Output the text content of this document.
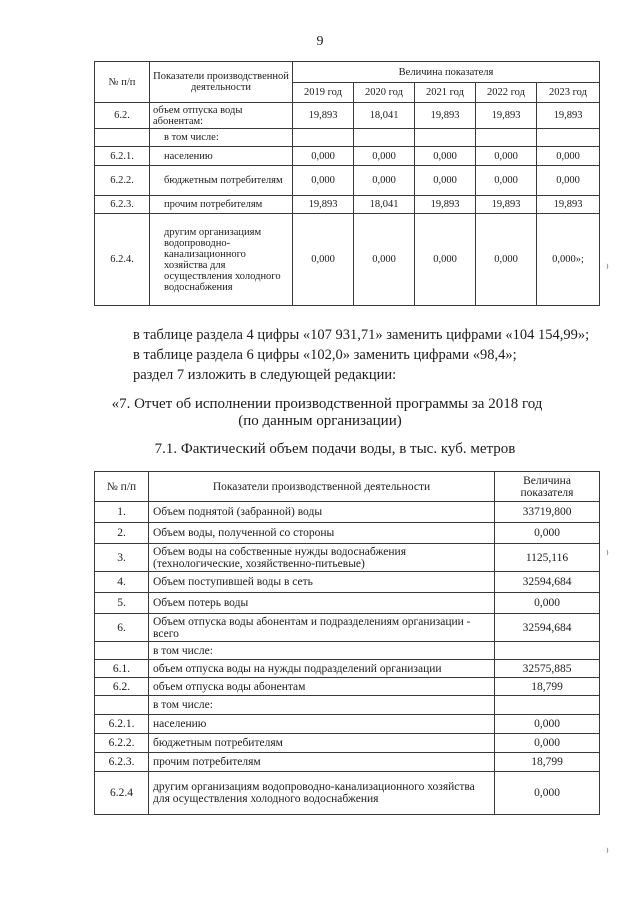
9
№ п/п	Показатели производственной деятельности	Величина показателя				
		2019 год	2020 год	2021 год	2022 год	2023 год
6.2.	объем отпуска воды абонентам:	19,893	18,041	19,893	19,893	19,893
	в том числе:					
6.2.1.	населению	0,000	0,000	0,000	0,000	0,000
6.2.2.	бюджетным потребителям	0,000	0,000	0,000	0,000	0,000
6.2.3.	прочим потребителям	19,893	18,041	19,893	19,893	19,893
6.2.4.	другим организациям водопроводно-канализационного хозяйства для осуществления холодного водоснабжения	0,000	0,000	0,000	0,000	0,000»;
в таблице раздела 4 цифры «107 931,71» заменить цифрами «104 154,99»;
в таблице раздела 6 цифры «102,0» заменить цифрами «98,4»;
раздел 7 изложить в следующей редакции:
«7. Отчет об исполнении производственной программы за 2018 год
(по данным организации)
7.1. Фактический объем подачи воды, в тыс. куб. метров
№ п/п	Показатели производственной деятельности	Величина показателя
1.	Объем поднятой (забранной) воды	33719,800
2.	Объем воды, полученной со стороны	0,000
3.	Объем воды на собственные нужды водоснабжения (технологические, хозяйственно-питьевые)	1125,116
4.	Объем поступившей воды в сеть	32594,684
5.	Объем потерь воды	0,000
6.	Объем отпуска воды абонентам и подразделениям организации - всего	32594,684
	в том числе:	
6.1.	объем отпуска воды на нужды подразделений организации	32575,885
6.2.	объем отпуска воды абонентам	18,799
	в том числе:	
6.2.1.	населению	0,000
6.2.2.	бюджетным потребителям	0,000
6.2.3.	прочим потребителям	18,799
6.2.4	другим организациям водопроводно-канализационного хозяйства для осуществления холодного водоснабжения	0,000
⁾
⁾
⁾
